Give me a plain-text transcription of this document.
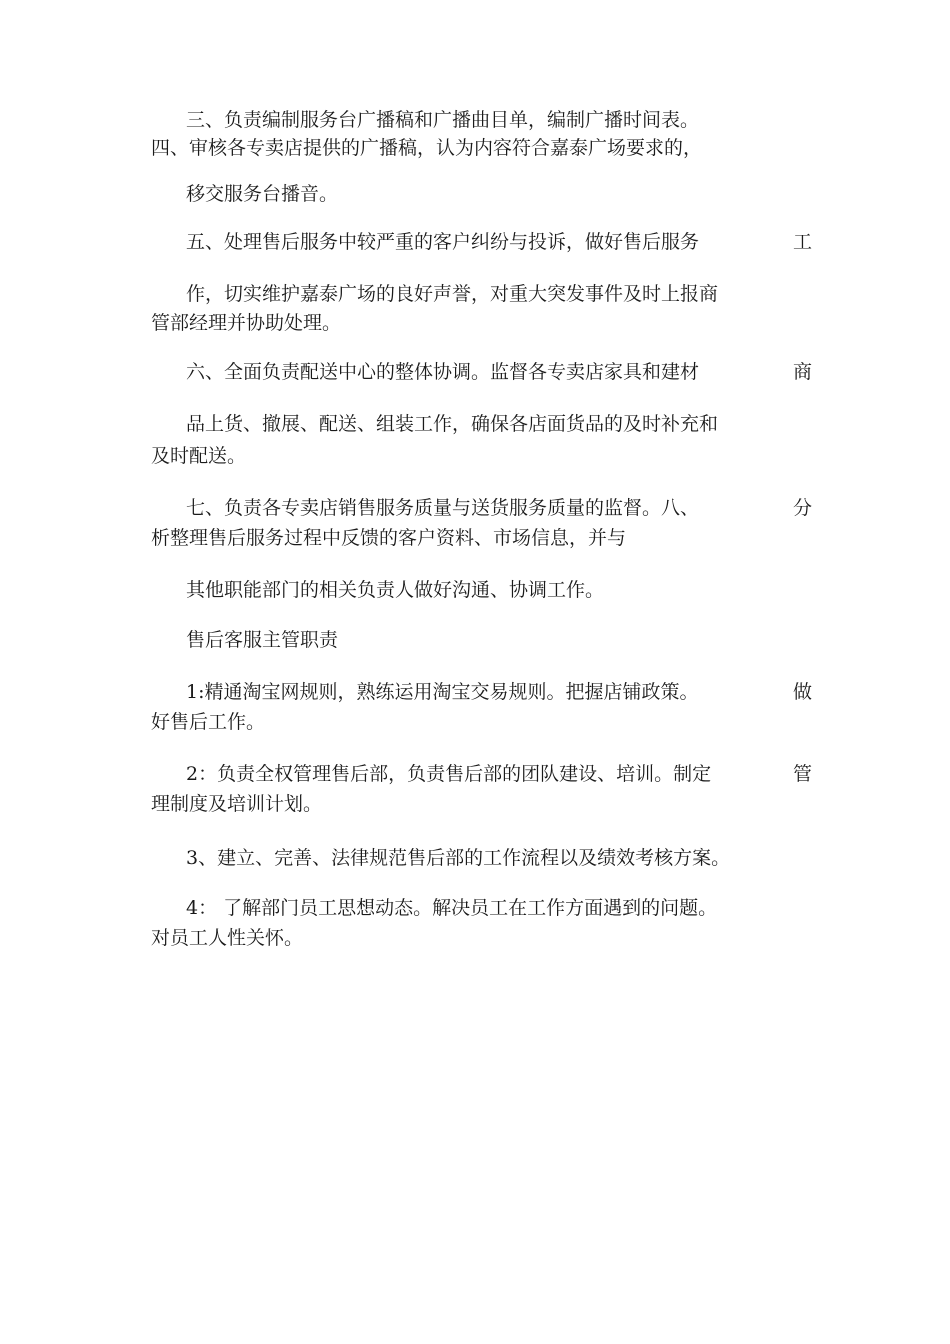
三、负责编制服务台广播稿和广播曲目单，编制广播时间表。
四、审核各专卖店提供的广播稿，认为内容符合嘉泰广场要求的，
移交服务台播音。
五、处理售后服务中较严重的客户纠纷与投诉，做好售后服务	工
作，切实维护嘉泰广场的良好声誉，对重大突发事件及时上报商
管部经理并协助处理。
六、全面负责配送中心的整体协调。监督各专卖店家具和建材	商
品上货、撤展、配送、组装工作，确保各店面货品的及时补充和
及时配送。
七、负责各专卖店销售服务质量与送货服务质量的监督。八、	分
析整理售后服务过程中反馈的客户资料、市场信息，并与
其他职能部门的相关负责人做好沟通、协调工作。
售后客服主管职责
1:精通淘宝网规则，熟练运用淘宝交易规则。把握店铺政策。	做
好售后工作。
2：负责全权管理售后部，负责售后部的团队建设、培训。制定	管
理制度及培训计划。
3、建立、完善、法律规范售后部的工作流程以及绩效考核方案。
4： 了解部门员工思想动态。解决员工在工作方面遇到的问题。
对员工人性关怀。
